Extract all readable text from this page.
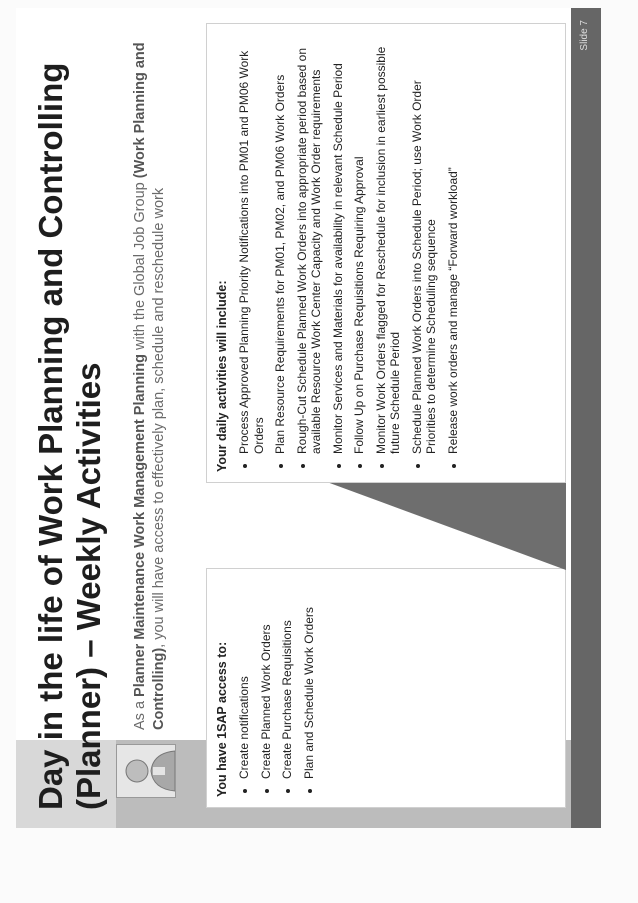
Day in the life of Work Planning and Controlling (Planner) – Weekly Activities As a Planner Maintenance Work Management Planning with the Global Job Group (Work Planning and Controlling), you will have access to effectively plan, schedule and reschedule work
You have 1SAP access to: • Create notifications • Create Planned Work Orders • Create Purchase Requisitions • Plan and Schedule Work Orders
Your daily activities will include: • Process Approved Planning Priority Notifications into PM01 and PM06 Work Orders • Plan Resource Requirements for PM01, PM02, and PM06 Work Orders • Rough-Cut Schedule Planned Work Orders into appropriate period based on available Resource Work Center Capacity and Work Order requirements • Monitor Services and Materials for availability in relevant Schedule Period • Follow Up on Purchase Requisitions Requiring Approval • Monitor Work Orders flagged for Reschedule for inclusion in earliest possible future Schedule Period • Schedule Planned Work Orders into Schedule Period; use Work Order Priorities to determine Scheduling sequence • Release work orders and manage “Forward workload”
Slide 7
